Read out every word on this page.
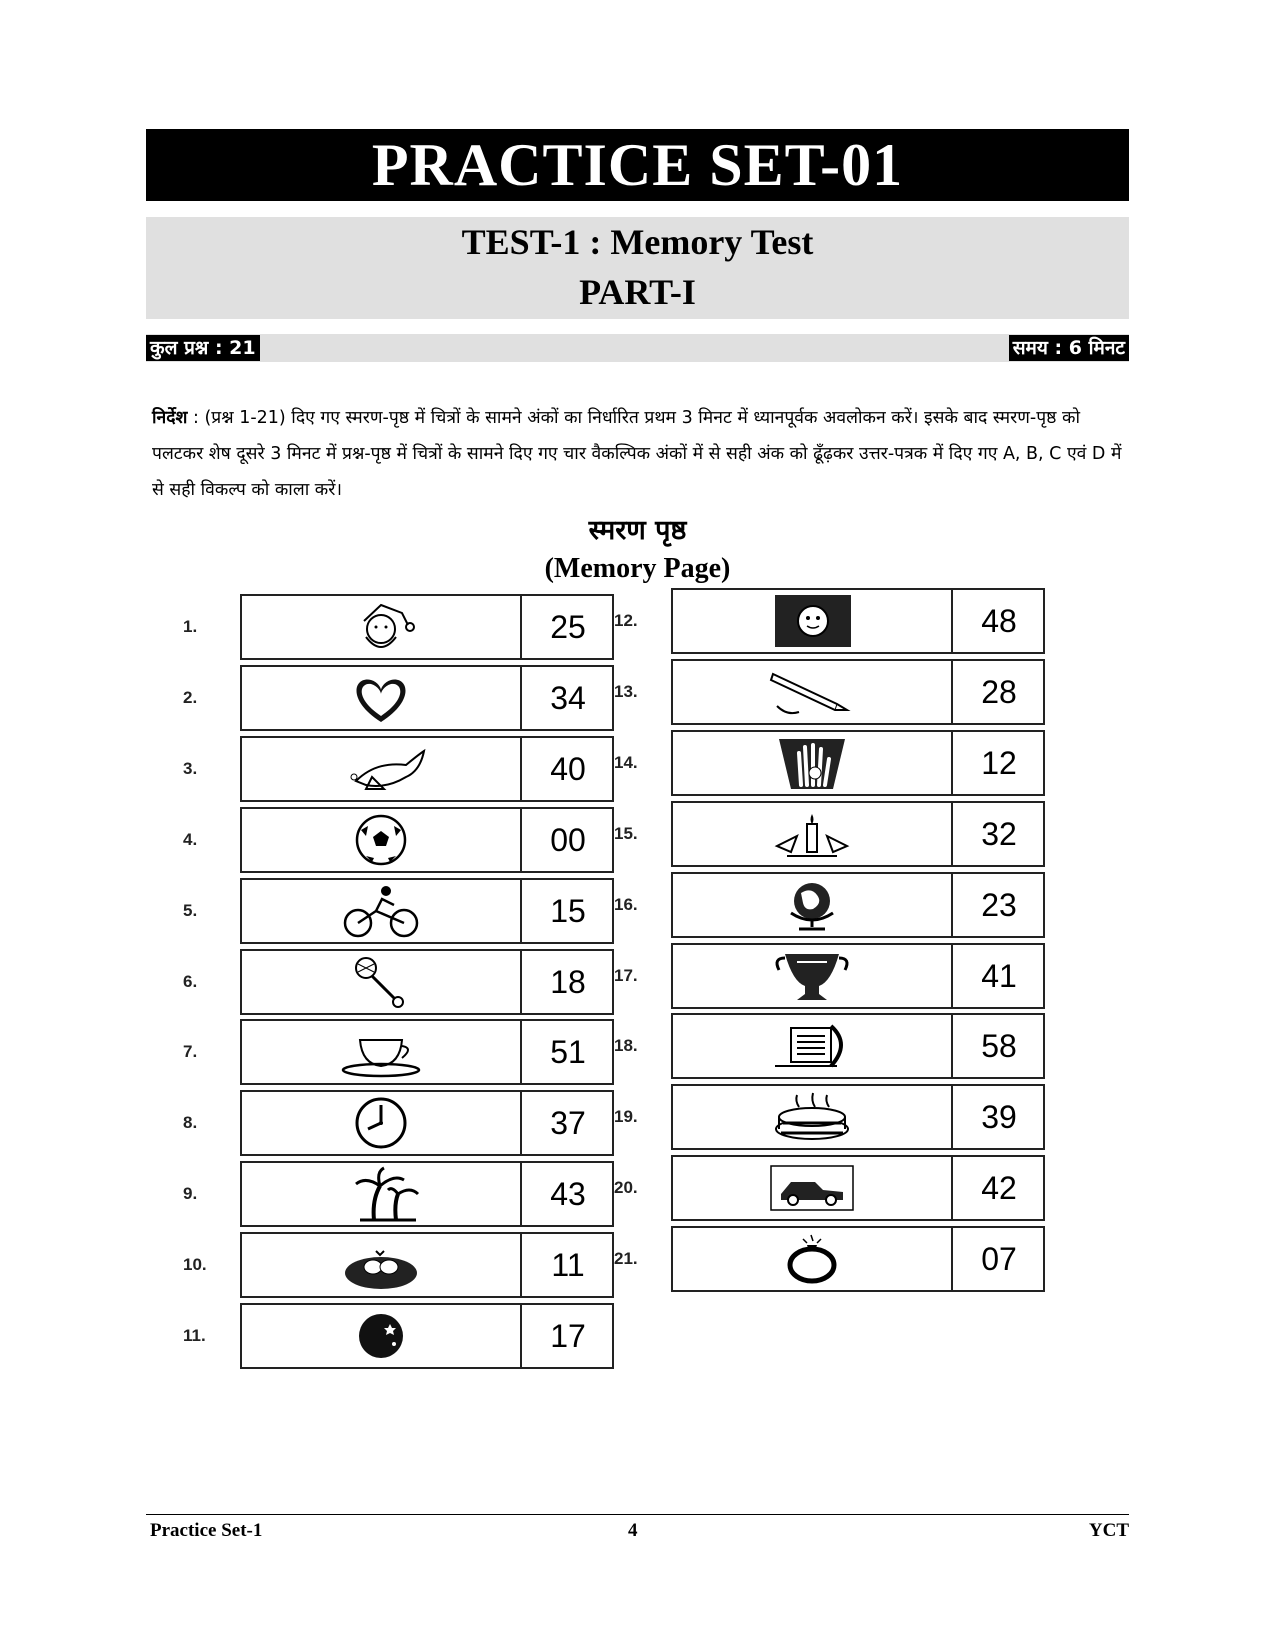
PRACTICE SET-01
TEST-1 : Memory Test
PART-I
कुल प्रश्न : 21	समय : 6 मिनट
निर्देश : (प्रश्न 1-21) दिए गए स्मरण-पृष्ठ में चित्रों के सामने अंकों का निर्धारित प्रथम 3 मिनट में ध्यानपूर्वक अवलोकन करें। इसके बाद स्मरण-पृष्ठ को पलटकर शेष दूसरे 3 मिनट में प्रश्न-पृष्ठ में चित्रों के सामने दिए गए चार वैकल्पिक अंकों में से सही अंक को ढूँढ़कर उत्तर-पत्रक में दिए गए A, B, C एवं D में से सही विकल्प को काला करें।
स्मरण पृष्ठ
(Memory Page)
1.	25
2.	34
3.	40
4.	00
5.	15
6.	18
7.	51
8.	37
9.	43
10.	11
11.	17
12.	48
13.	28
14.	12
15.	32
16.	23
17.	41
18.	58
19.	39
20.	42
21.	07
Practice Set-1	4	YCT
